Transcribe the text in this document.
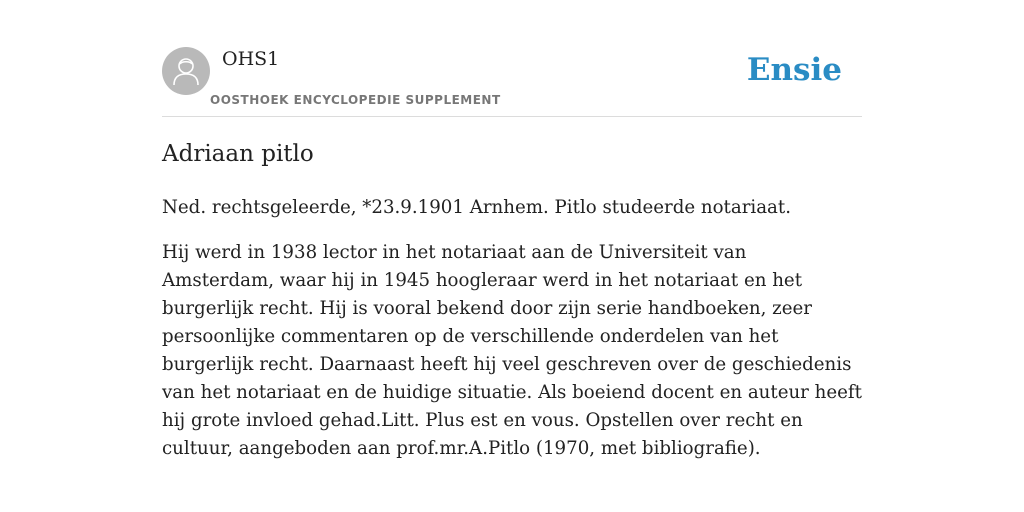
OHS1
OOSTHOEK ENCYCLOPEDIE SUPPLEMENT
Ensie
Adriaan pitlo

Ned. rechtsgeleerde, *23.9.1901 Arnhem. Pitlo studeerde notariaat.

Hij werd in 1938 lector in het notariaat aan de Universiteit van Amsterdam, waar hij in 1945 hoogleraar werd in het notariaat en het burgerlijk recht. Hij is vooral bekend door zijn serie handboeken, zeer persoonlijke commentaren op de verschillende onderdelen van het burgerlijk recht. Daarnaast heeft hij veel geschreven over de geschiedenis van het notariaat en de huidige situatie. Als boeiend docent en auteur heeft hij grote invloed gehad.Litt. Plus est en vous. Opstellen over recht en cultuur, aangeboden aan prof.mr.A.Pitlo (1970, met bibliografie).
